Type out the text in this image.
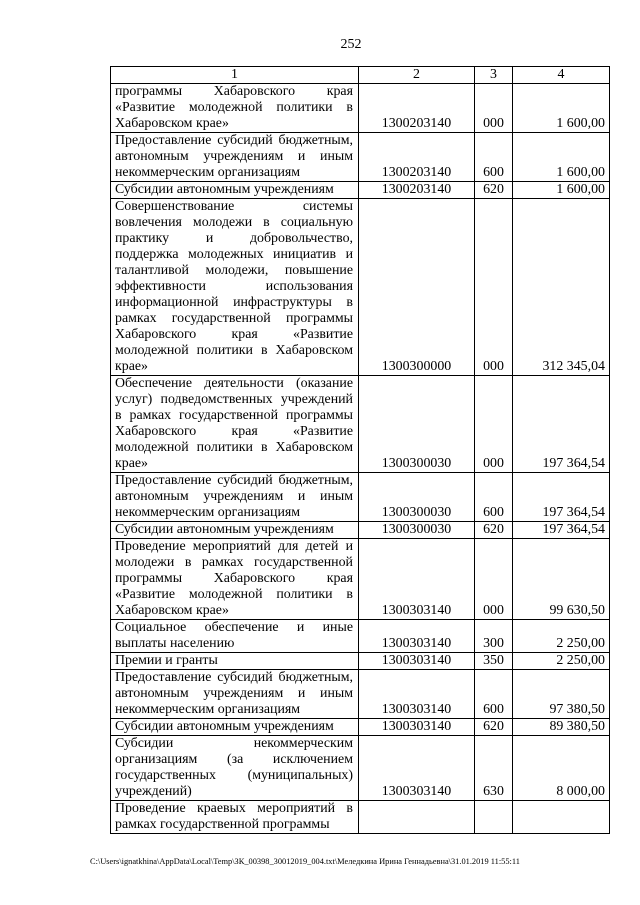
252
1	2	3	4
программы Хабаровского края «Развитие молодежной политики в Хабаровском крае»	1300203140	000	1 600,00
Предоставление субсидий бюджетным, автономным учреждениям и иным некоммерческим организациям	1300203140	600	1 600,00
Субсидии автономным учреждениям	1300203140	620	1 600,00
Совершенствование системы вовлечения молодежи в социальную практику и добровольчество, поддержка молодежных инициатив и талантливой молодежи, повышение эффективности использования информационной инфраструктуры в рамках государственной программы Хабаровского края «Развитие молодежной политики в Хабаровском крае»	1300300000	000	312 345,04
Обеспечение деятельности (оказание услуг) подведомственных учреждений в рамках государственной программы Хабаровского края «Развитие молодежной политики в Хабаровском крае»	1300300030	000	197 364,54
Предоставление субсидий бюджетным, автономным учреждениям и иным некоммерческим организациям	1300300030	600	197 364,54
Субсидии автономным учреждениям	1300300030	620	197 364,54
Проведение мероприятий для детей и молодежи в рамках государственной программы Хабаровского края «Развитие молодежной политики в Хабаровском крае»	1300303140	000	99 630,50
Социальное обеспечение и иные выплаты населению	1300303140	300	2 250,00
Премии и гранты	1300303140	350	2 250,00
Предоставление субсидий бюджетным, автономным учреждениям и иным некоммерческим организациям	1300303140	600	97 380,50
Субсидии автономным учреждениям	1300303140	620	89 380,50
Субсидии некоммерческим организациям (за исключением государственных (муниципальных) учреждений)	1300303140	630	8 000,00
Проведение краевых мероприятий в рамках государственной программы			
C:\Users\ignatkhina\AppData\Local\Temp\ЗК_00398_30012019_004.txt\Меледкина Ирина Геннадьевна\31.01.2019 11:55:11
